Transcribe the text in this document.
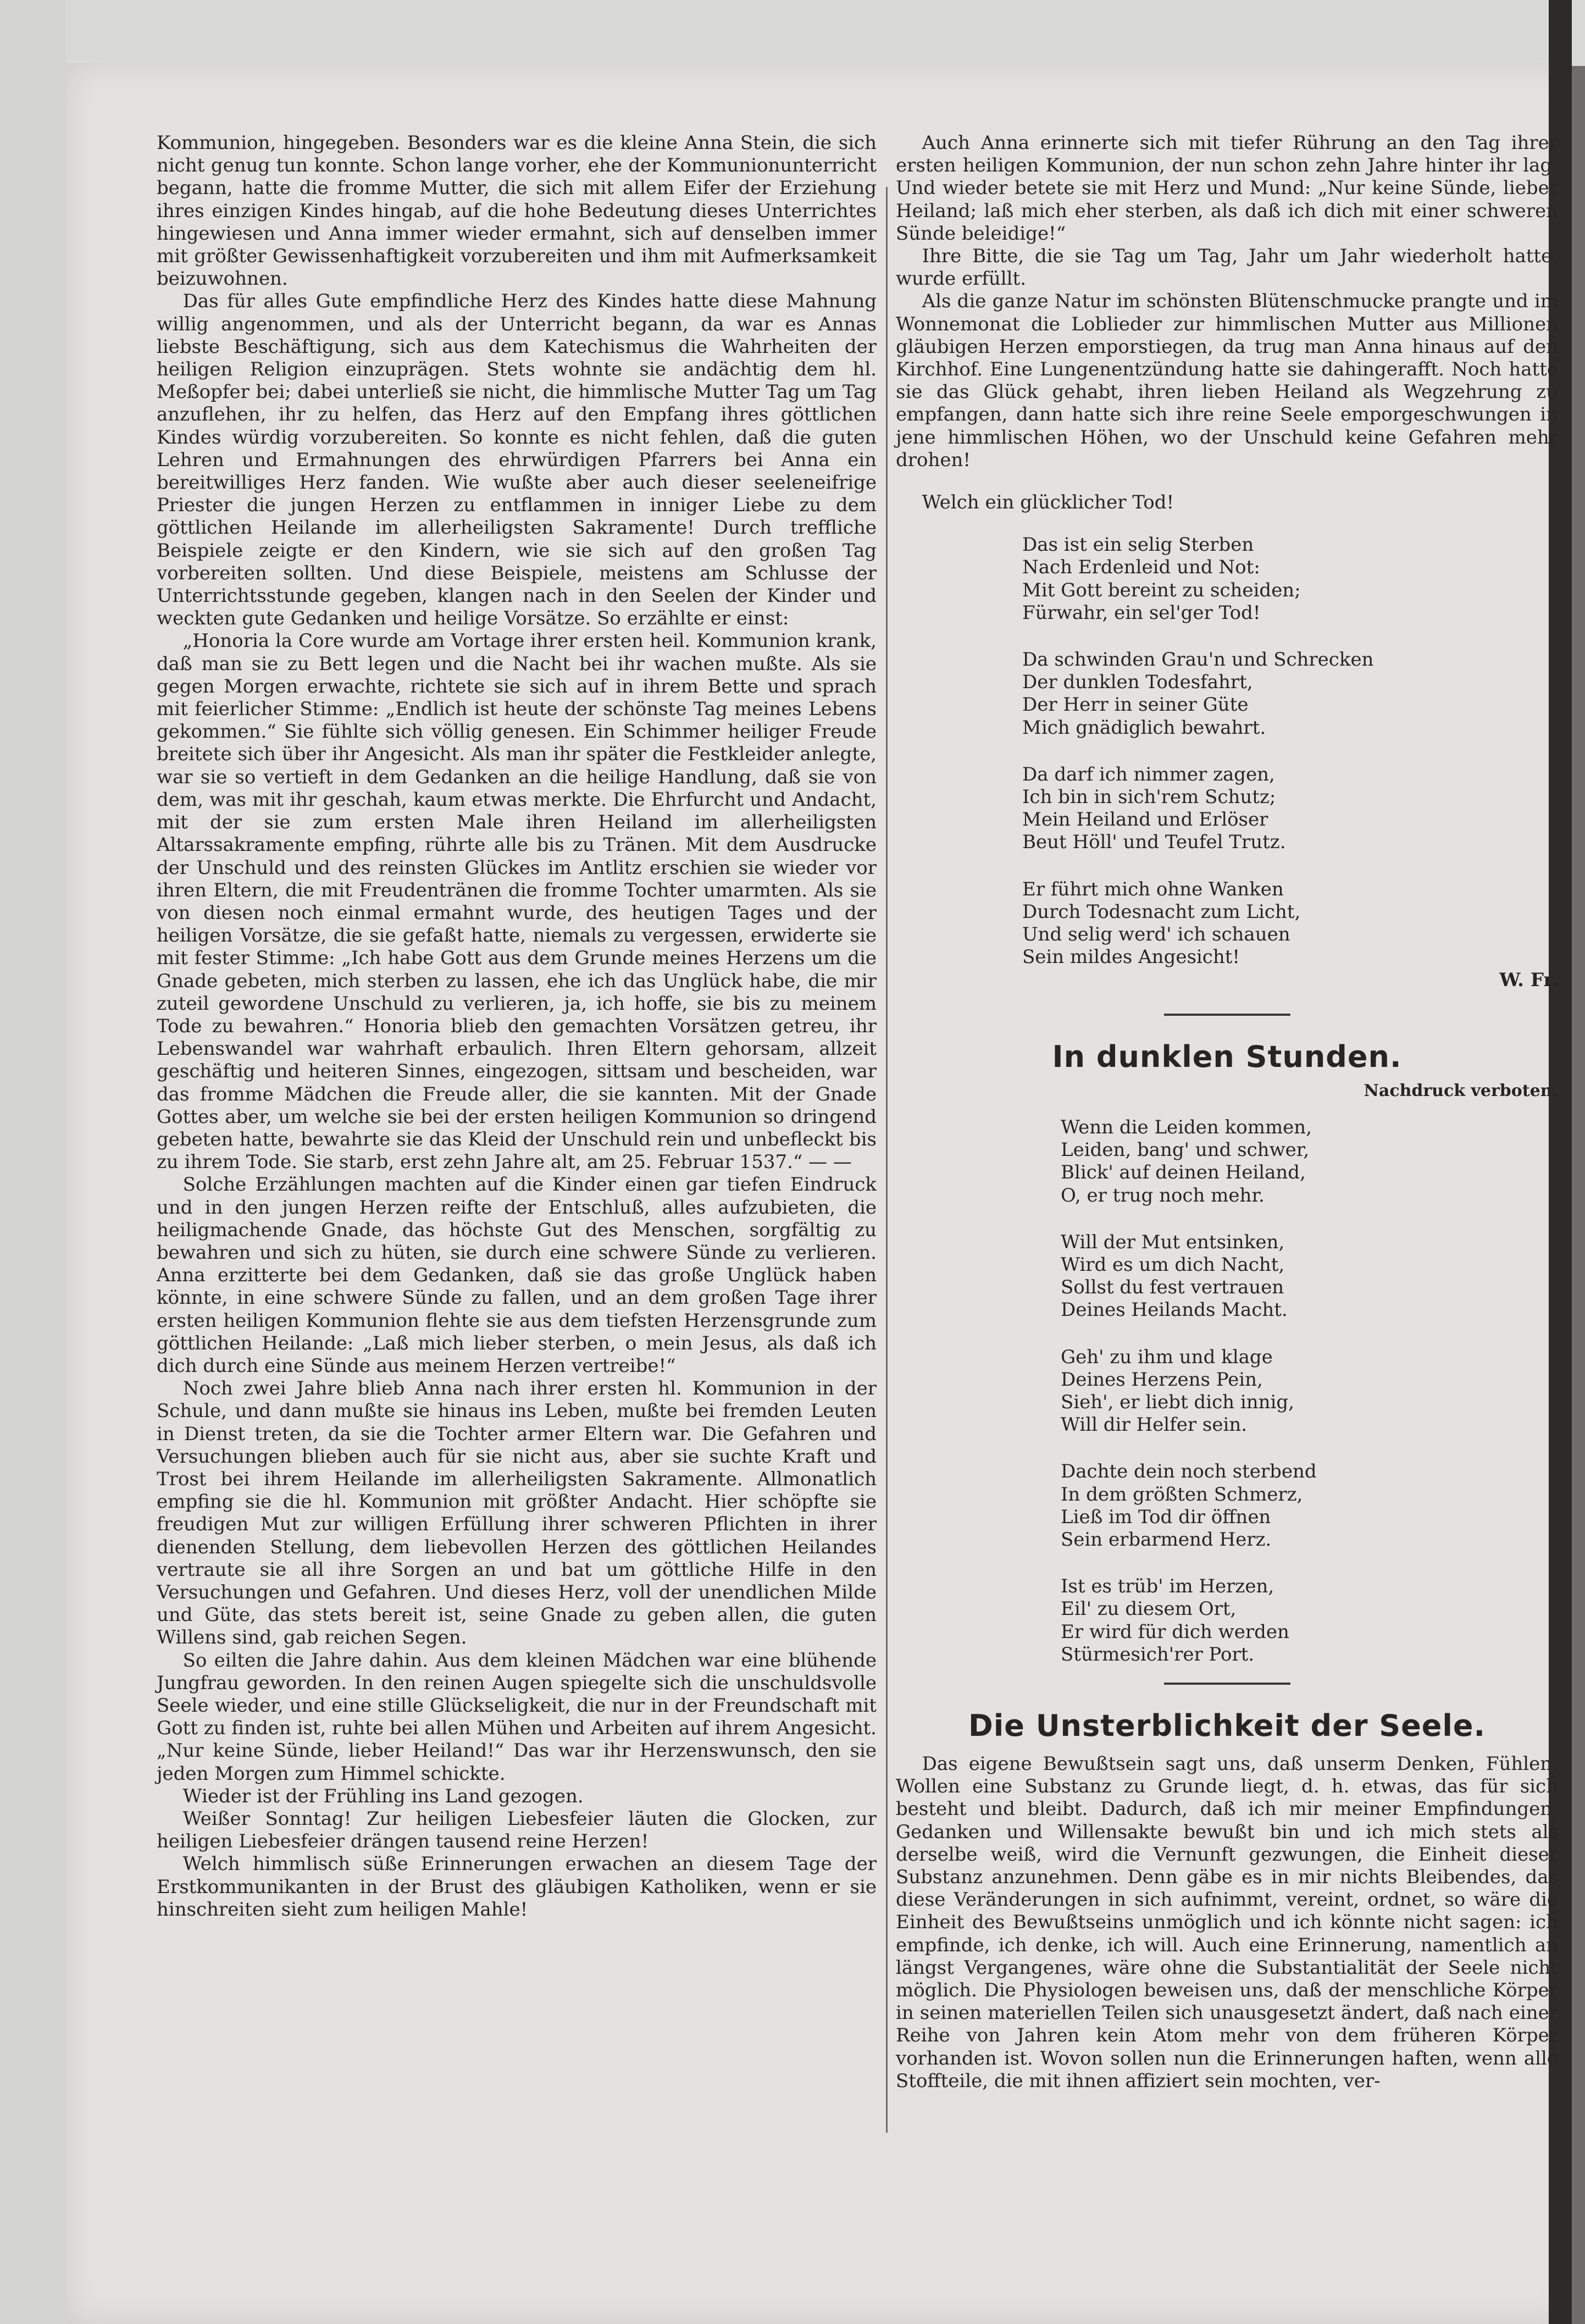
Kommunion, hingegeben. Besonders war es die kleine Anna Stein, die sich nicht genug tun konnte. Schon lange vorher, ehe der Kommunionunterricht begann, hatte die fromme Mutter, die sich mit allem Eifer der Erziehung ihres einzigen Kindes hingab, auf die hohe Bedeutung dieses Unterrichtes hingewiesen und Anna immer wieder ermahnt, sich auf denselben immer mit größter Gewissenhaftigkeit vorzubereiten und ihm mit Aufmerksamkeit beizuwohnen.

Das für alles Gute empfindliche Herz des Kindes hatte diese Mahnung willig angenommen, und als der Unterricht begann, da war es Annas liebste Beschäftigung, sich aus dem Katechismus die Wahrheiten der heiligen Religion einzuprägen. Stets wohnte sie andächtig dem hl. Meßopfer bei; dabei unterließ sie nicht, die himmlische Mutter Tag um Tag anzuflehen, ihr zu helfen, das Herz auf den Empfang ihres göttlichen Kindes würdig vorzubereiten. So konnte es nicht fehlen, daß die guten Lehren und Ermahnungen des ehrwürdigen Pfarrers bei Anna ein bereitwilliges Herz fanden. Wie wußte aber auch dieser seeleneifrige Priester die jungen Herzen zu entflammen in inniger Liebe zu dem göttlichen Heilande im allerheiligsten Sakramente! Durch treffliche Beispiele zeigte er den Kindern, wie sie sich auf den großen Tag vorbereiten sollten. Und diese Beispiele, meistens am Schlusse der Unterrichtsstunde gegeben, klangen nach in den Seelen der Kinder und weckten gute Gedanken und heilige Vorsätze. So erzählte er einst:

„Honoria la Core wurde am Vortage ihrer ersten heil. Kommunion krank, daß man sie zu Bett legen und die Nacht bei ihr wachen mußte. Als sie gegen Morgen erwachte, richtete sie sich auf in ihrem Bette und sprach mit feierlicher Stimme: „Endlich ist heute der schönste Tag meines Lebens gekommen.“ Sie fühlte sich völlig genesen. Ein Schimmer heiliger Freude breitete sich über ihr Angesicht. Als man ihr später die Festkleider anlegte, war sie so vertieft in dem Gedanken an die heilige Handlung, daß sie von dem, was mit ihr geschah, kaum etwas merkte. Die Ehrfurcht und Andacht, mit der sie zum ersten Male ihren Heiland im allerheiligsten Altarssakramente empfing, rührte alle bis zu Tränen. Mit dem Ausdrucke der Unschuld und des reinsten Glückes im Antlitz erschien sie wieder vor ihren Eltern, die mit Freudentränen die fromme Tochter umarmten. Als sie von diesen noch einmal ermahnt wurde, des heutigen Tages und der heiligen Vorsätze, die sie gefaßt hatte, niemals zu vergessen, erwiderte sie mit fester Stimme: „Ich habe Gott aus dem Grunde meines Herzens um die Gnade gebeten, mich sterben zu lassen, ehe ich das Unglück habe, die mir zuteil gewordene Unschuld zu verlieren, ja, ich hoffe, sie bis zu meinem Tode zu bewahren.“ Honoria blieb den gemachten Vorsätzen getreu, ihr Lebenswandel war wahrhaft erbaulich. Ihren Eltern gehorsam, allzeit geschäftig und heiteren Sinnes, eingezogen, sittsam und bescheiden, war das fromme Mädchen die Freude aller, die sie kannten. Mit der Gnade Gottes aber, um welche sie bei der ersten heiligen Kommunion so dringend gebeten hatte, bewahrte sie das Kleid der Unschuld rein und unbefleckt bis zu ihrem Tode. Sie starb, erst zehn Jahre alt, am 25. Februar 1537.“ — —

Solche Erzählungen machten auf die Kinder einen gar tiefen Eindruck und in den jungen Herzen reifte der Entschluß, alles aufzubieten, die heiligmachende Gnade, das höchste Gut des Menschen, sorgfältig zu bewahren und sich zu hüten, sie durch eine schwere Sünde zu verlieren. Anna erzitterte bei dem Gedanken, daß sie das große Unglück haben könnte, in eine schwere Sünde zu fallen, und an dem großen Tage ihrer ersten heiligen Kommunion flehte sie aus dem tiefsten Herzensgrunde zum göttlichen Heilande: „Laß mich lieber sterben, o mein Jesus, als daß ich dich durch eine Sünde aus meinem Herzen vertreibe!“

Noch zwei Jahre blieb Anna nach ihrer ersten hl. Kommunion in der Schule, und dann mußte sie hinaus ins Leben, mußte bei fremden Leuten in Dienst treten, da sie die Tochter armer Eltern war. Die Gefahren und Versuchungen blieben auch für sie nicht aus, aber sie suchte Kraft und Trost bei ihrem Heilande im allerheiligsten Sakramente. Allmonatlich empfing sie die hl. Kommunion mit größter Andacht. Hier schöpfte sie freudigen Mut zur willigen Erfüllung ihrer schweren Pflichten in ihrer dienenden Stellung, dem liebevollen Herzen des göttlichen Heilandes vertraute sie all ihre Sorgen an und bat um göttliche Hilfe in den Versuchungen und Gefahren. Und dieses Herz, voll der unendlichen Milde und Güte, das stets bereit ist, seine Gnade zu geben allen, die guten Willens sind, gab reichen Segen.

So eilten die Jahre dahin. Aus dem kleinen Mädchen war eine blühende Jungfrau geworden. In den reinen Augen spiegelte sich die unschuldsvolle Seele wieder, und eine stille Glückseligkeit, die nur in der Freundschaft mit Gott zu finden ist, ruhte bei allen Mühen und Arbeiten auf ihrem Angesicht. „Nur keine Sünde, lieber Heiland!“ Das war ihr Herzenswunsch, den sie jeden Morgen zum Himmel schickte.

Wieder ist der Frühling ins Land gezogen.

Weißer Sonntag! Zur heiligen Liebesfeier läuten die Glocken, zur heiligen Liebesfeier drängen tausend reine Herzen!

Welch himmlisch süße Erinnerungen erwachen an diesem Tage der Erstkommunikanten in der Brust des gläubigen Katholiken, wenn er sie hinschreiten sieht zum heiligen Mahle!

Auch Anna erinnerte sich mit tiefer Rührung an den Tag ihrer ersten heiligen Kommunion, der nun schon zehn Jahre hinter ihr lag. Und wieder betete sie mit Herz und Mund: „Nur keine Sünde, lieber Heiland; laß mich eher sterben, als daß ich dich mit einer schweren Sünde beleidige!“

Ihre Bitte, die sie Tag um Tag, Jahr um Jahr wiederholt hatte, wurde erfüllt.

Als die ganze Natur im schönsten Blütenschmucke prangte und im Wonnemonat die Loblieder zur himmlischen Mutter aus Millionen gläubigen Herzen emporstiegen, da trug man Anna hinaus auf den Kirchhof. Eine Lungenentzündung hatte sie dahingerafft. Noch hatte sie das Glück gehabt, ihren lieben Heiland als Wegzehrung zu empfangen, dann hatte sich ihre reine Seele emporgeschwungen in jene himmlischen Höhen, wo der Unschuld keine Gefahren mehr drohen!

Welch ein glücklicher Tod!

Das ist ein selig Sterben
Nach Erdenleid und Not:
Mit Gott bereint zu scheiden;
Fürwahr, ein sel'ger Tod!
Da schwinden Grau'n und Schrecken
Der dunklen Todesfahrt,
Der Herr in seiner Güte
Mich gnädiglich bewahrt.
Da darf ich nimmer zagen,
Ich bin in sich'rem Schutz;
Mein Heiland und Erlöser
Beut Höll' und Teufel Trutz.
Er führt mich ohne Wanken
Durch Todesnacht zum Licht,
Und selig werd' ich schauen
Sein mildes Angesicht!
W. Fr.
In dunklen Stunden.
Nachdruck verboten.
Wenn die Leiden kommen,
Leiden, bang' und schwer,
Blick' auf deinen Heiland,
O, er trug noch mehr.
Will der Mut entsinken,
Wird es um dich Nacht,
Sollst du fest vertrauen
Deines Heilands Macht.
Geh' zu ihm und klage
Deines Herzens Pein,
Sieh', er liebt dich innig,
Will dir Helfer sein.
Dachte dein noch sterbend
In dem größten Schmerz,
Ließ im Tod dir öffnen
Sein erbarmend Herz.
Ist es trüb' im Herzen,
Eil' zu diesem Ort,
Er wird für dich werden
Stürmesich'rer Port.
Die Unsterblichkeit der Seele.

Das eigene Bewußtsein sagt uns, daß unserm Denken, Fühlen, Wollen eine Substanz zu Grunde liegt, d. h. etwas, das für sich besteht und bleibt. Dadurch, daß ich mir meiner Empfindungen, Gedanken und Willensakte bewußt bin und ich mich stets als derselbe weiß, wird die Vernunft gezwungen, die Einheit dieser Substanz anzunehmen. Denn gäbe es in mir nichts Bleibendes, das diese Veränderungen in sich aufnimmt, vereint, ordnet, so wäre die Einheit des Bewußtseins unmöglich und ich könnte nicht sagen: ich empfinde, ich denke, ich will. Auch eine Erinnerung, namentlich an längst Vergangenes, wäre ohne die Substantialität der Seele nicht möglich. Die Physiologen beweisen uns, daß der menschliche Körper in seinen materiellen Teilen sich unausgesetzt ändert, daß nach einer Reihe von Jahren kein Atom mehr von dem früheren Körper vorhanden ist. Wovon sollen nun die Erinnerungen haften, wenn alle Stoffteile, die mit ihnen affiziert sein mochten, ver-
